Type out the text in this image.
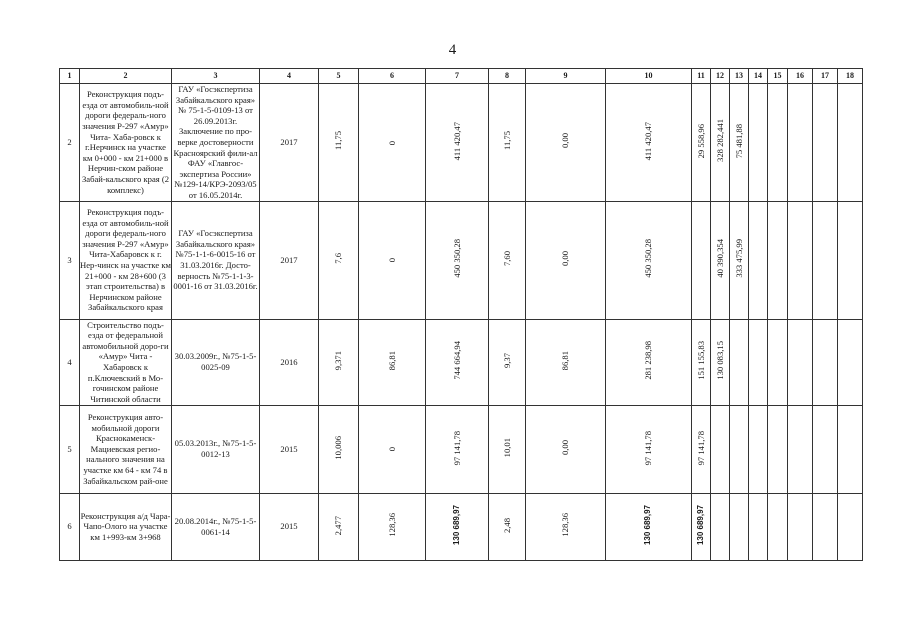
4
1	2	3	4	5	6	7	8	9	10	11	12	13	14	15	16	17	18
2	Реконструкция подъ-езда от автомобиль-ной дороги федераль-ного значения Р-297 «Амур» Чита- Хаба-ровск к г.Нерчинск на участке км 0+000 - км 21+000 в Нерчин-ском районе Забай-кальского края (2 комплекс)	ГАУ «Госэкспертиза Забайкальского края» № 75-1-5-0109-13 от 26.09.2013г. Заключение по про-верке достоверности Красноярский фили-ал ФАУ «Главгос-экспертиза России» №129-14/КРЭ-2093/05 от 16.05.2014г.	2017	11,75	0	411 420,47	11,75	0,00	411 420,47	29 558,96	328 282,441	75 481,88					
3	Реконструкция подъ-езда от автомобиль-ной дороги федераль-ного значения Р-297 «Амур» Чита-Хабаровск к г. Нер-чинск на участке км 21+000 - км 28+600 (3 этап строительства) в Нерчинском районе Забайкальского края	ГАУ «Госэкспертиза Забайкальского края» №75-1-1-6-0015-16 от 31.03.2016г. Досто-верность №75-1-1-3-0001-16 от 31.03.2016г.	2017	7,6	0	450 350,28	7,60	0,00	450 350,28		40 390,354	333 475,99					
4	Строительство подъ-езда от федеральной автомобильной доро-ги «Амур» Чита - Хабаровск к п.Ключевский в Мо-гочинском районе Читинской области	30.03.2009г., №75-1-5-0025-09	2016	9,371	86,81	744 664,94	9,37	86,81	281 238,98	151 155,83	130 083,15						
5	Реконструкция авто-мобильной дороги Краснокаменск-Мациевская регио-нального значения на участке км 64 - км 74 в Забайкальском рай-оне	05.03.2013г., №75-1-5-0012-13	2015	10,006	0	97 141,78	10,01	0,00	97 141,78	97 141,78							
6	Реконструкция а/д Чара-Чапо-Олого на участке км 1+993-км 3+968	20.08.2014г., №75-1-5-0061-14	2015	2,477	128,36	130 689,97	2,48	128,36	130 689,97	130 689,97							
